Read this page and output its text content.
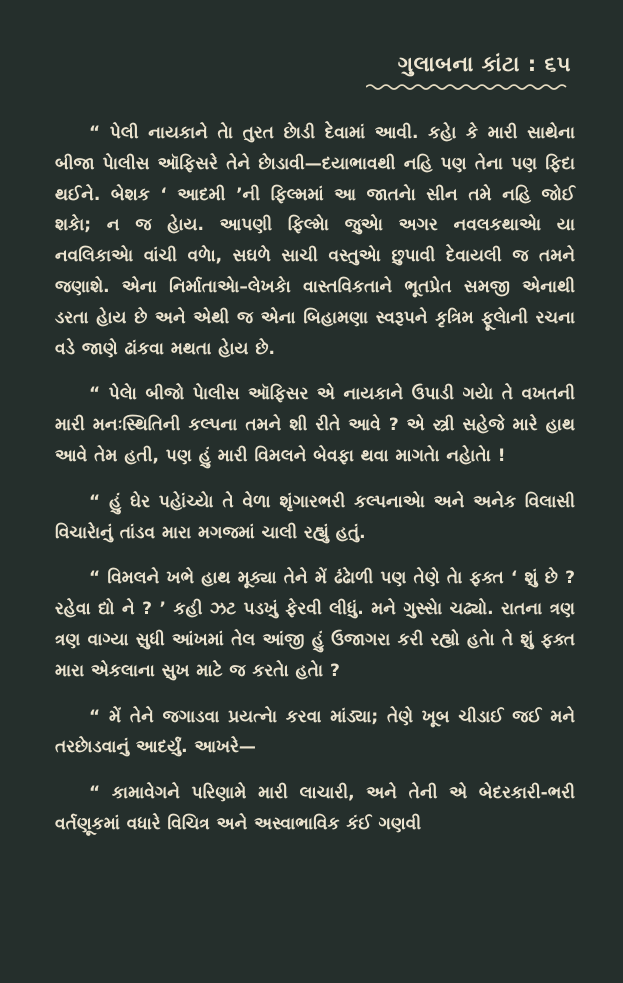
ગુલાબના કાંટા : ૬૫

“ પેલી નાયકાને તેા તુરત છેાડી દેવામાં આવી. કહેા કે મારી સાથેના બીજા પેાલીસ ઑફિસરે તેને છેાડાવી—દયાભાવથી નહિ પણ તેના પણ ફિદા થઈને. બેશક ‘ આદમી ’ની ફિલ્મમાં આ જાતનેા સીન તમે નહિ જોઈ શકેા; ન જ હેાય. આપણી ફિલ્મેા જુએા અગર નવલકથાએા યા નવલિકાએા વાંચી વળેા, સઘળે સાચી વસ્તુએા છુપાવી દેવાયલી જ તમને જણાશે. એના નિર્માતાએા–લેખકેા વાસ્તવિકતાને ભૂતપ્રેત સમજી એનાથી ડરતા હેાય છે અને એથી જ એના બિહામણા સ્વરૂપને કૃત્રિમ ફૂલેાની રચના વડે જાણે ઢાંકવા મથતા હેાય છે.

“ પેલેા બીજો પેાલીસ ઑફિસર એ નાયકાને ઉપાડી ગયેા તે વખતની મારી મનઃસ્થિતિની કલ્પના તમને શી રીતે આવે ? એ સ્ત્રી સહેજે મારે હાથ આવે તેમ હતી, પણ હું મારી વિમલને બેવફા થવા માગતેા નહેાતેા !

“ હું ઘેર પહેાંચ્યેા તે વેળા શૃંગારભરી કલ્પનાએા અને અનેક વિલાસી વિચારેાનું તાંડવ મારા મગજમાં ચાલી રહ્યું હતું.

“ વિમલને ખભે હાથ મૂક્યા તેને મેં ઢંઢેાળી પણ તેણે તેા ફક્ત ‘ શું છે ? રહેવા દ્યો ને ? ’ કહી ઝટ પડખું ફેરવી લીધું. મને ગુસ્સેા ચઢ્યો. રાતના ત્રણ ત્રણ વાગ્યા સુધી આંખમાં તેલ આંજી હું ઉજાગરા કરી રહ્યો હતેા તે શું ફક્ત મારા એકલાના સુખ માટે જ કરતેા હતેા ?

“ મેં તેને જગાડવા પ્રયત્નેા કરવા માંડ્યા; તેણે ખૂબ ચીડાઈ જઈ મને તરછેાડવાનું આદર્યું. આખરે—

“ કામાવેગને પરિણામે મારી લાચારી, અને તેની એ બેદરકારી-ભરી વર્તણૂકમાં વધારે વિચિત્ર અને અસ્વાભાવિક કંઈ ગણવી
